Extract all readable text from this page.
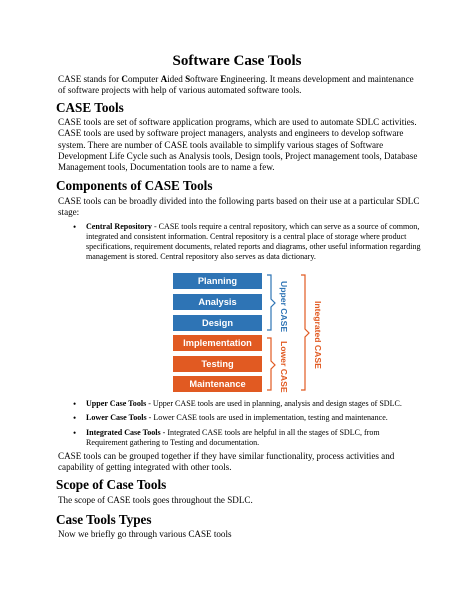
Software Case Tools
CASE stands for Computer Aided Software Engineering. It means development and maintenance of software projects with help of various automated software tools.
CASE Tools
CASE tools are set of software application programs, which are used to automate SDLC activities. CASE tools are used by software project managers, analysts and engineers to develop software system. There are number of CASE tools available to simplify various stages of Software Development Life Cycle such as Analysis tools, Design tools, Project management tools, Database Management tools, Documentation tools are to name a few.
Components of CASE Tools
CASE tools can be broadly divided into the following parts based on their use at a particular SDLC stage:
• Central Repository - CASE tools require a central repository, which can serve as a source of common, integrated and consistent information. Central repository is a central place of storage where product specifications, requirement documents, related reports and diagrams, other useful information regarding management is stored. Central repository also serves as data dictionary.
Planning
Analysis
Design
Implementation
Testing
Maintenance
Upper CASE
Lower CASE	Integrated CASE
• Upper Case Tools - Upper CASE tools are used in planning, analysis and design stages of SDLC.
• Lower Case Tools - Lower CASE tools are used in implementation, testing and maintenance.
• Integrated Case Tools - Integrated CASE tools are helpful in all the stages of SDLC, from Requirement gathering to Testing and documentation.
CASE tools can be grouped together if they have similar functionality, process activities and capability of getting integrated with other tools.
Scope of Case Tools
The scope of CASE tools goes throughout the SDLC.
Case Tools Types
Now we briefly go through various CASE tools
